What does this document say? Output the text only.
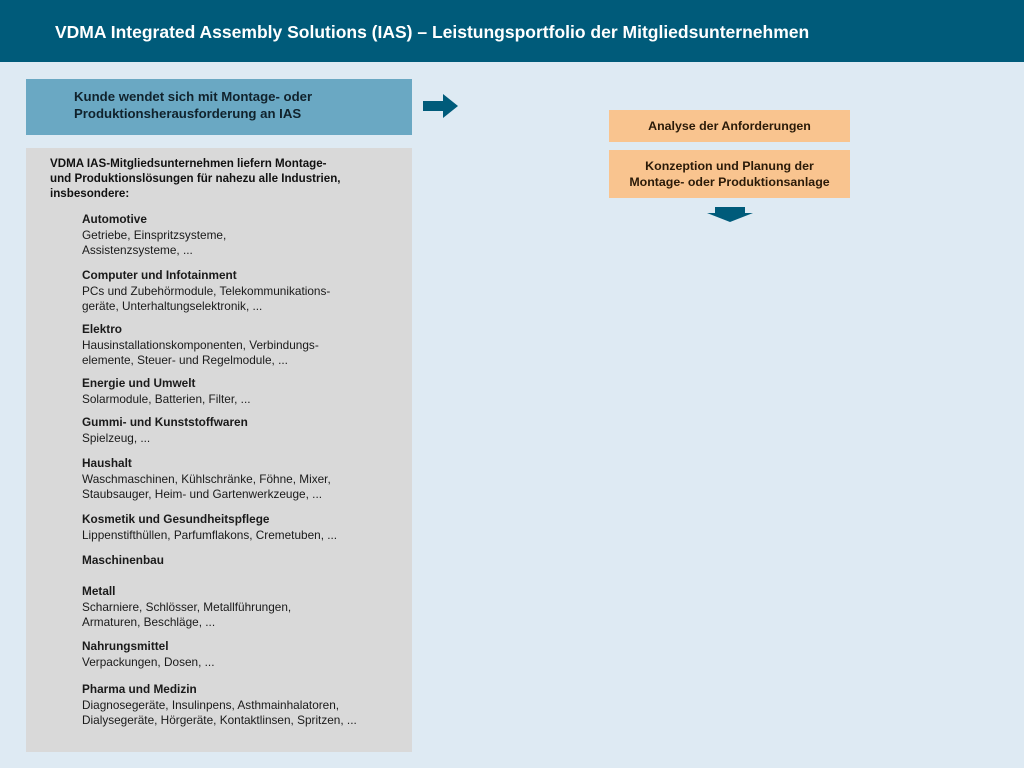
VDMA Integrated Assembly Solutions (IAS) – Leistungsportfolio der Mitgliedsunternehmen
Kunde wendet sich mit Montage- oder
Produktionsherausforderung an IAS
VDMA IAS-Mitgliedsunternehmen liefern Montage-
und Produktionslösungen für nahezu alle Industrien,
insbesondere:
Automotive
Getriebe, Einspritzsysteme,
Assistenzsysteme, ...
Computer und Infotainment
PCs und Zubehörmodule, Telekommunikations-
geräte, Unterhaltungselektronik, ...
Elektro
Hausinstallationskomponenten, Verbindungs-
elemente, Steuer- und Regelmodule, ...
Energie und Umwelt
Solarmodule, Batterien, Filter, ...
Gummi- und Kunststoffwaren
Spielzeug, ...
Haushalt
Waschmaschinen, Kühlschränke, Föhne, Mixer,
Staubsauger, Heim- und Gartenwerkzeuge, ...
Kosmetik und Gesundheitspflege
Lippenstifthüllen, Parfumflakons, Cremetuben, ...
Maschinenbau
Metall
Scharniere, Schlösser, Metallführungen,
Armaturen, Beschläge, ...
Nahrungsmittel
Verpackungen, Dosen, ...
Pharma und Medizin
Diagnosegeräte, Insulinpens, Asthmainhalatoren,
Dialysegeräte, Hörgeräte, Kontaktlinsen, Spritzen, ...
Analyse der Anforderungen
Konzeption und Planung der
Montage- oder Produktionsanlage
